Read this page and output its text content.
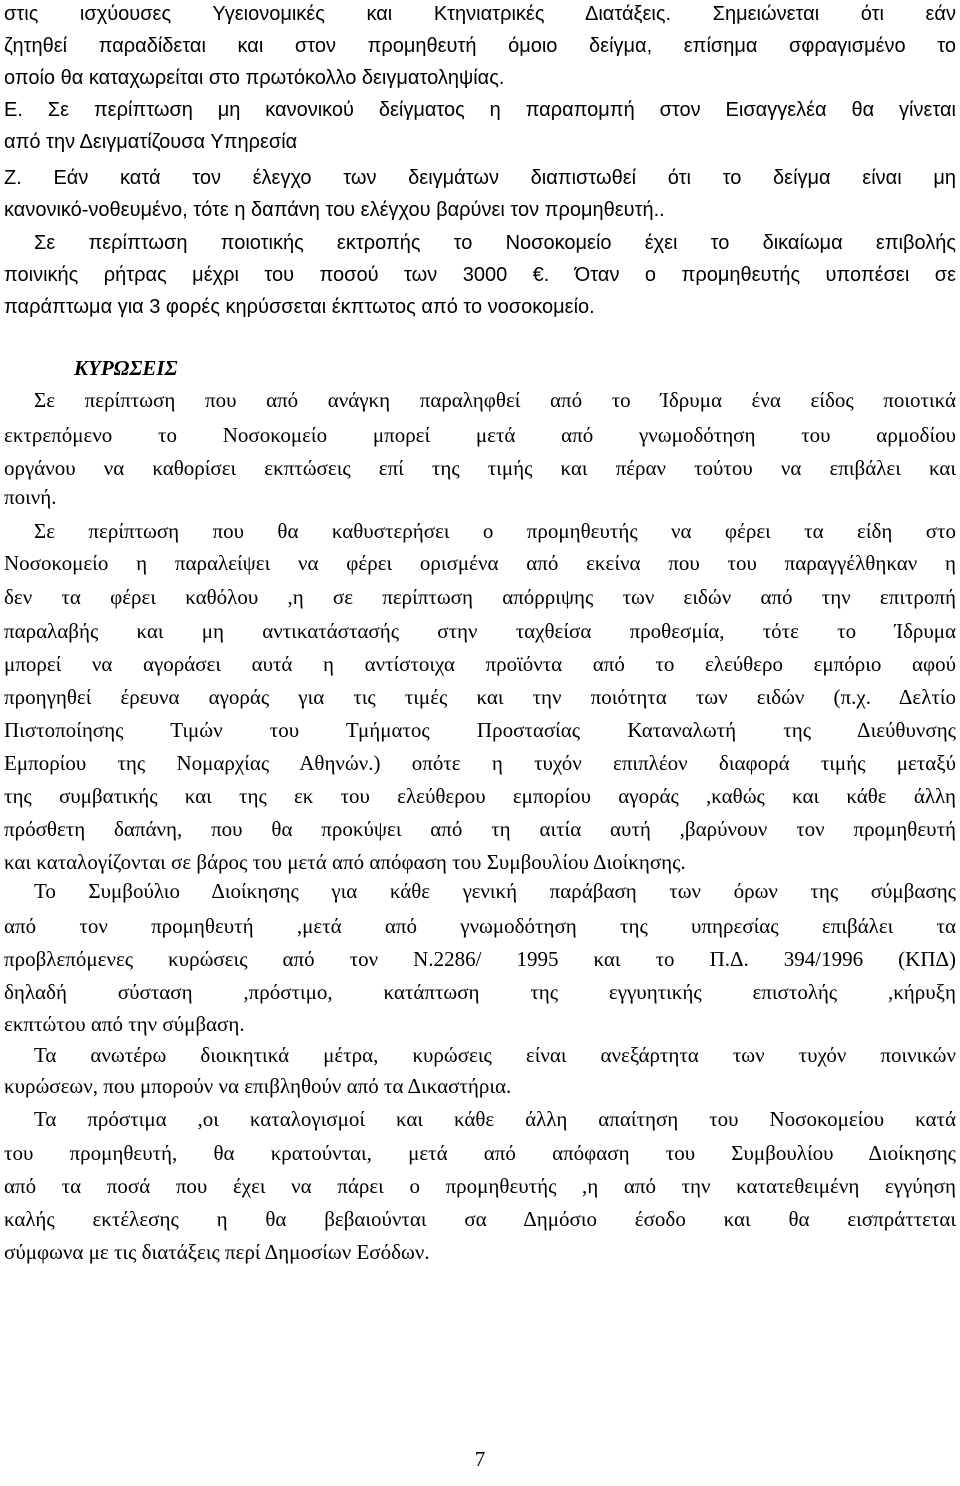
στις ισχύουσες Υγειονομικές και Κτηνιατρικές Διατάξεις. Σημειώνεται ότι εάν
ζητηθεί παραδίδεται και στον προμηθευτή όμοιο δείγμα, επίσημα σφραγισμένο το
οποίο θα καταχωρείται στο πρωτόκολλο δειγματοληψίας.
Ε. Σε περίπτωση μη κανονικού δείγματος η παραπομπή στον Εισαγγελέα θα γίνεται
από την Δειγματίζουσα Υπηρεσία
Ζ. Εάν κατά τον έλεγχο των δειγμάτων διαπιστωθεί ότι το δείγμα είναι μη
κανονικό-νοθευμένο, τότε η δαπάνη του ελέγχου βαρύνει τον προμηθευτή..
Σε περίπτωση ποιοτικής εκτροπής το Νοσοκομείο έχει το δικαίωμα επιβολής
ποινικής ρήτρας μέχρι του ποσού των 3000 €. Όταν ο προμηθευτής υποπέσει σε
παράπτωμα για 3 φορές κηρύσσεται έκπτωτος από το νοσοκομείο.
ΚΥΡΩΣΕΙΣ
Σε περίπτωση που από ανάγκη παραληφθεί από το Ίδρυμα ένα είδος ποιοτικά
εκτρεπόμενο το Νοσοκομείο μπορεί μετά από γνωμοδότηση του αρμοδίου
οργάνου να καθορίσει εκπτώσεις επί της τιμής και πέραν τούτου να επιβάλει και
ποινή.
Σε περίπτωση που θα καθυστερήσει ο προμηθευτής να φέρει τα είδη στο
Νοσοκομείο η παραλείψει να φέρει ορισμένα από εκείνα που του παραγγέλθηκαν η
δεν τα φέρει καθόλου ,η σε περίπτωση απόρριψης των ειδών από την επιτροπή
παραλαβής και μη αντικατάστασής στην ταχθείσα προθεσμία, τότε το Ίδρυμα
μπορεί να αγοράσει αυτά η αντίστοιχα προϊόντα από το ελεύθερο εμπόριο αφού
προηγηθεί έρευνα αγοράς για τις τιμές και την ποιότητα των ειδών (π.χ. Δελτίο
Πιστοποίησης Τιμών του Τμήματος Προστασίας Καταναλωτή της Διεύθυνσης
Εμπορίου της Νομαρχίας Αθηνών.) οπότε η τυχόν επιπλέον διαφορά τιμής μεταξύ
της συμβατικής και της εκ του ελεύθερου εμπορίου αγοράς ,καθώς και κάθε άλλη
πρόσθετη δαπάνη, που θα προκύψει από τη αιτία αυτή ,βαρύνουν τον προμηθευτή
και καταλογίζονται σε βάρος του μετά από απόφαση του Συμβουλίου Διοίκησης.
Το Συμβούλιο Διοίκησης για κάθε γενική παράβαση των όρων της σύμβασης
από τον προμηθευτή ,μετά από γνωμοδότηση της υπηρεσίας επιβάλει τα
προβλεπόμενες κυρώσεις από τον Ν.2286/ 1995 και το Π.Δ. 394/1996 (ΚΠΔ)
δηλαδή σύσταση ,πρόστιμο, κατάπτωση της εγγυητικής επιστολής ,κήρυξη
εκπτώτου από την σύμβαση.
Τα ανωτέρω διοικητικά μέτρα, κυρώσεις είναι ανεξάρτητα των τυχόν ποινικών
κυρώσεων, που μπορούν να επιβληθούν από τα Δικαστήρια.
Τα πρόστιμα ,οι καταλογισμοί και κάθε άλλη απαίτηση του Νοσοκομείου κατά
του προμηθευτή, θα κρατούνται, μετά από απόφαση του Συμβουλίου Διοίκησης
από τα ποσά που έχει να πάρει ο προμηθευτής ,η από την κατατεθειμένη εγγύηση
καλής εκτέλεσης η θα βεβαιούνται σα Δημόσιο έσοδο και θα εισπράττεται
σύμφωνα με τις διατάξεις περί Δημοσίων Εσόδων.
7
